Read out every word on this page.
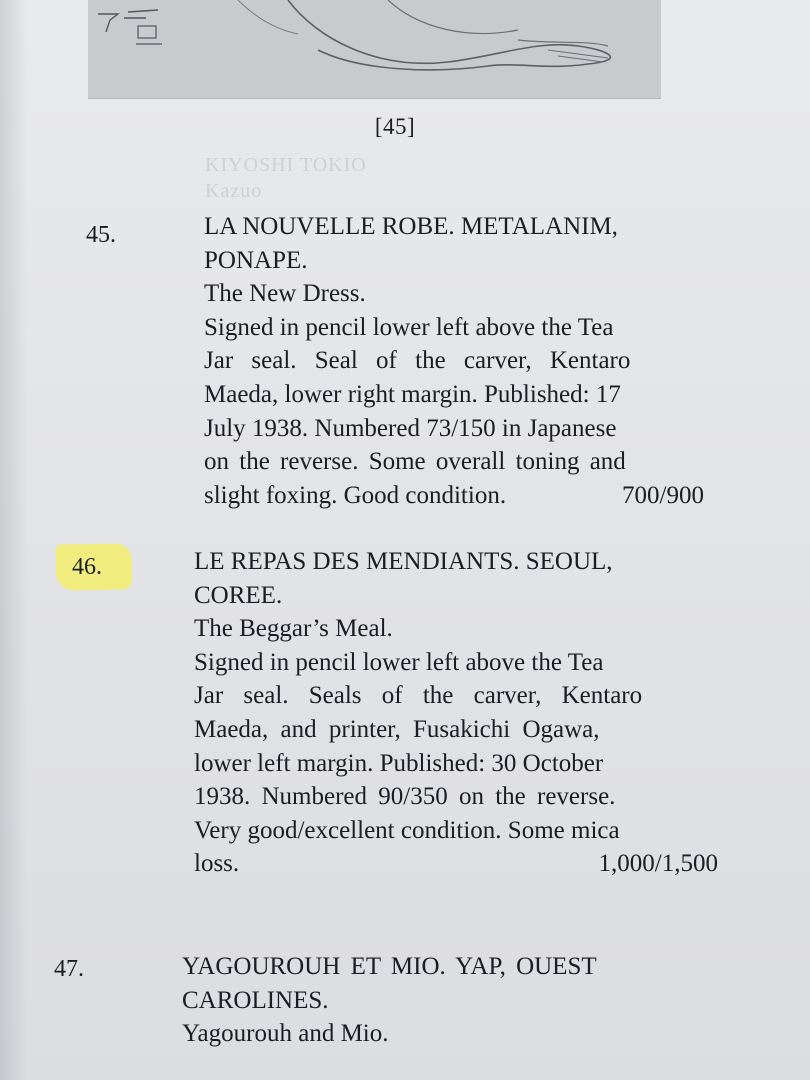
[45]
KIYOSHI TOKIO
Kazuo
45.	LA NOUVELLE ROBE. METALANIM,
PONAPE.
The New Dress.
Signed in pencil lower left above the Tea
Jar seal. Seal of the carver, Kentaro
Maeda, lower right margin. Published: 17
July 1938. Numbered 73/150 in Japanese
on the reverse. Some overall toning and
slight foxing. Good condition.	700/900
46.	LE REPAS DES MENDIANTS. SEOUL,
COREE.
The Beggar’s Meal.
Signed in pencil lower left above the Tea
Jar seal. Seals of the carver, Kentaro
Maeda, and printer, Fusakichi Ogawa,
lower left margin. Published: 30 October
1938. Numbered 90/350 on the reverse.
Very good/excellent condition. Some mica
loss.	1,000/1,500
47.	YAGOUROUH ET MIO. YAP, OUEST
CAROLINES.
Yagourouh and Mio.
